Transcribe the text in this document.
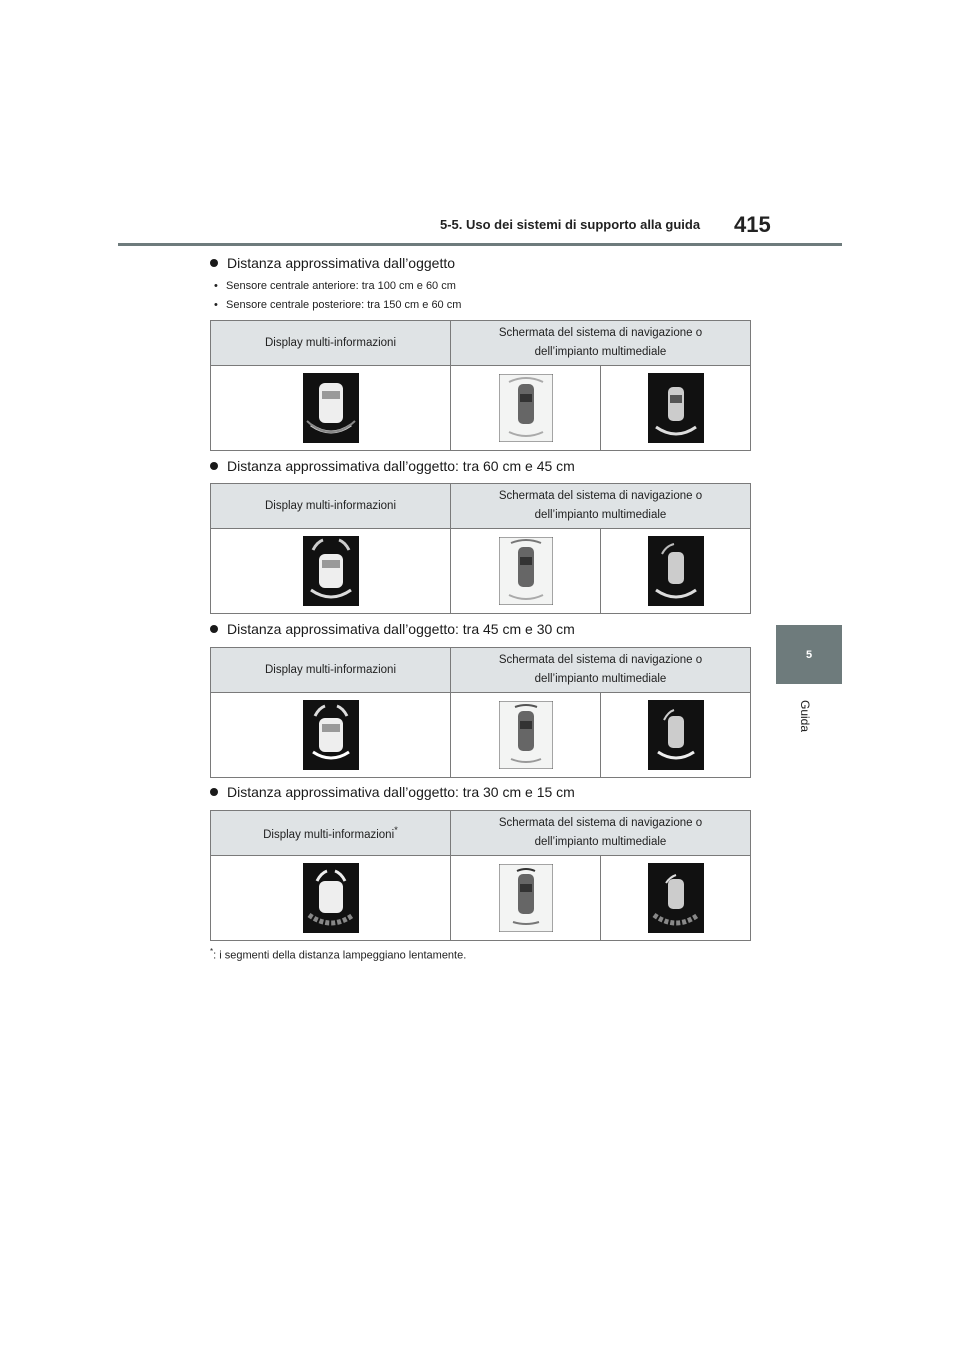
5-5. Uso dei sistemi di supporto alla guida 415
5
Guida
Distanza approssimativa dall’oggetto
• Sensore centrale anteriore: tra 100 cm e 60 cm
• Sensore centrale posteriore: tra 150 cm e 60 cm
Display multi-informazioni	Schermata del sistema di navigazione o
dell’impianto multimediale	

Distanza approssimativa dall’oggetto: tra 60 cm e 45 cm
Display multi-informazioni	Schermata del sistema di navigazione o
dell’impianto multimediale	

Distanza approssimativa dall’oggetto: tra 45 cm e 30 cm
Display multi-informazioni	Schermata del sistema di navigazione o
dell’impianto multimediale	

Distanza approssimativa dall’oggetto: tra 30 cm e 15 cm
Display multi-informazioni*	Schermata del sistema di navigazione o
dell’impianto multimediale	

*: i segmenti della distanza lampeggiano lentamente.
